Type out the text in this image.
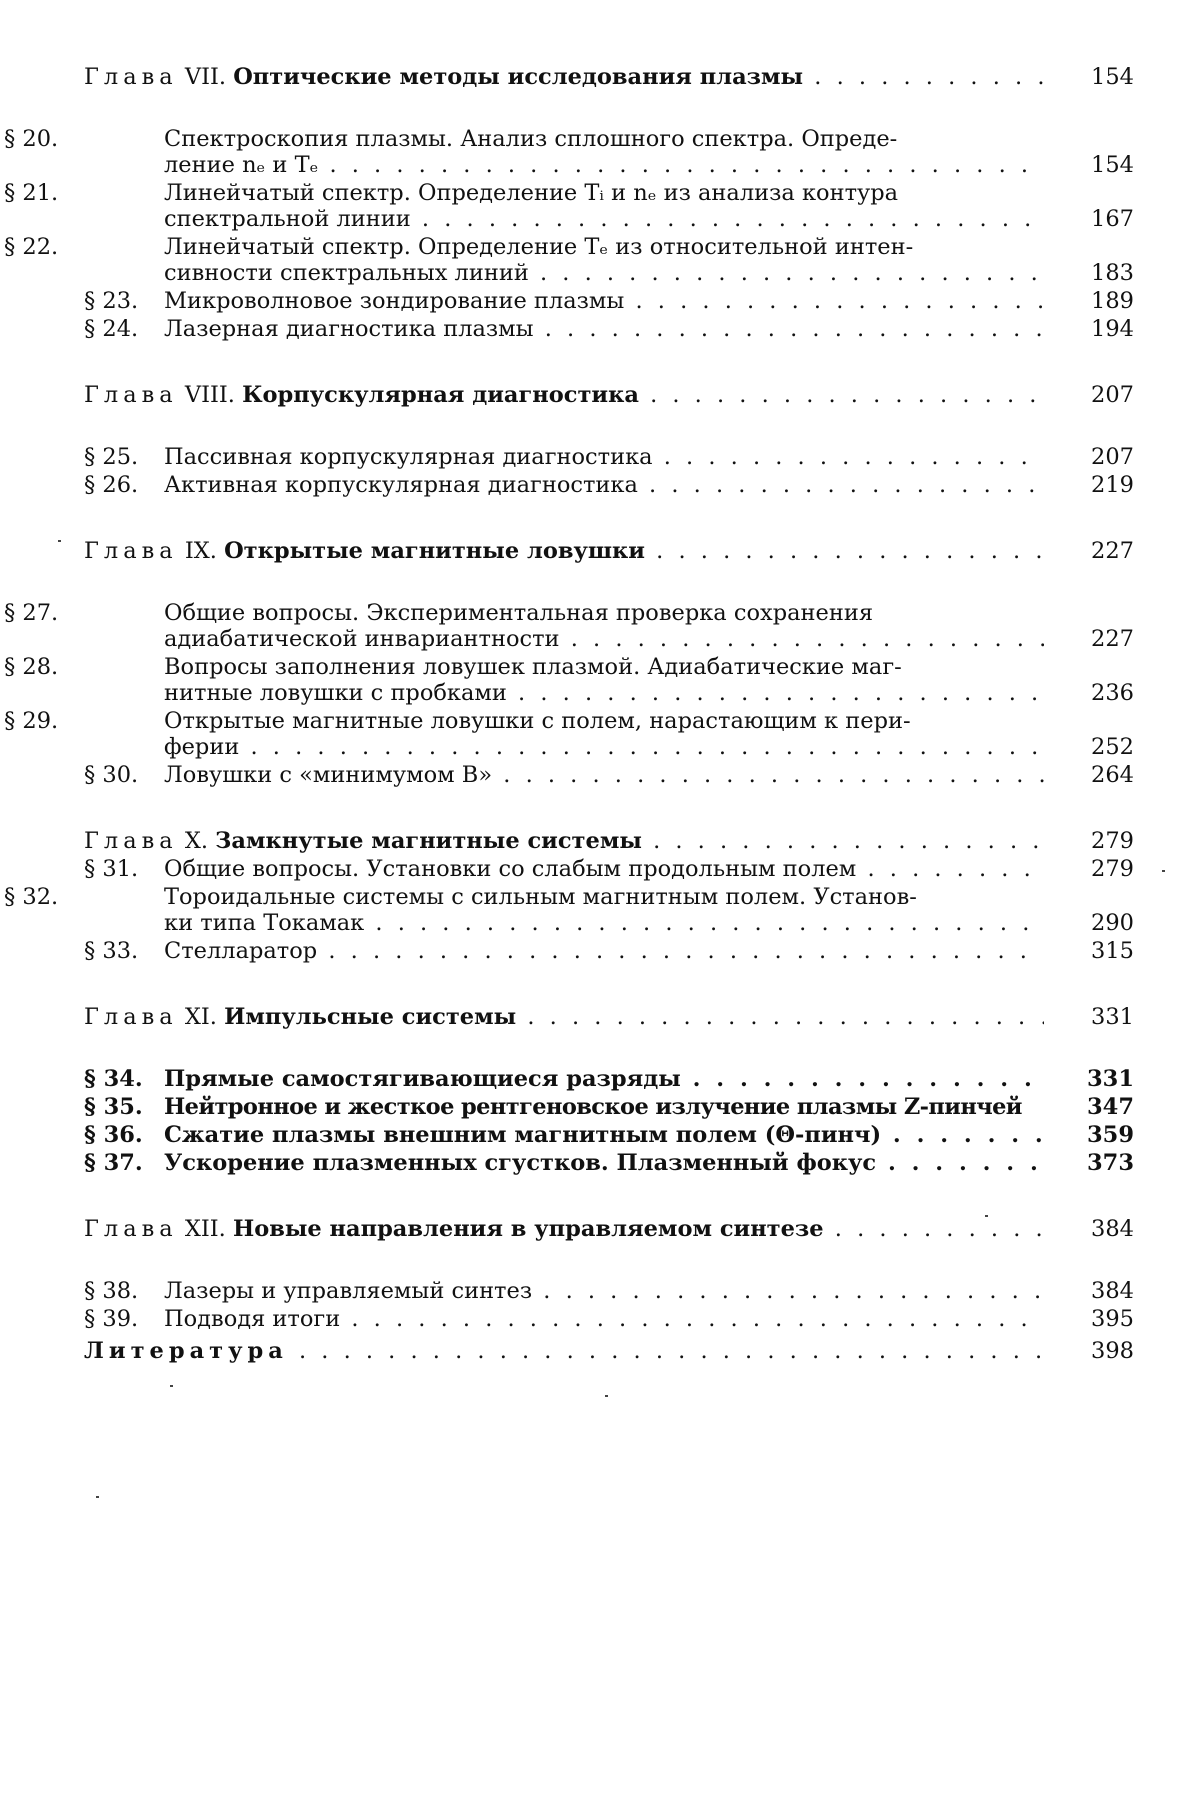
Глава VII. Оптические методы исследования плазмы . . .	154
§ 20.	Спектроскопия плазмы. Анализ сплошного спектра. Опреде-
ление nₑ и Tₑ . . .	154
§ 21.	Линейчатый спектр. Определение Tᵢ и nₑ из анализа контура
спектральной линии . . .	167
§ 22.	Линейчатый спектр. Определение Tₑ из относительной интен-
сивности спектральных линий . . .	183
§ 23. Микроволновое зондирование плазмы . . .	189
§ 24. Лазерная диагностика плазмы . . .	194
Глава VIII. Корпускулярная диагностика . . .	207
§ 25. Пассивная корпускулярная диагностика . . .	207
§ 26. Активная корпускулярная диагностика . . .	219
Глава IX. Открытые магнитные ловушки . . .	227
§ 27.	Общие вопросы. Экспериментальная проверка сохранения
адиабатической инвариантности . . .	227
§ 28.	Вопросы заполнения ловушек плазмой. Адиабатические маг-
нитные ловушки с пробками . . .	236
§ 29.	Открытые магнитные ловушки с полем, нарастающим к пери-
ферии . . .	252
§ 30. Ловушки с «минимумом B» . . .	264
Глава X. Замкнутые магнитные системы . . .	279
§ 31. Общие вопросы. Установки со слабым продольным полем . . .	279
§ 32.	Тороидальные системы с сильным магнитным полем. Установ-
ки типа Токамак . . .	290
§ 33. Стелларатор . . .	315
Глава XI. Импульсные системы . . .	331
§ 34. Прямые самостягивающиеся разряды . . .	331
§ 35. Нейтронное и жесткое рентгеновское излучение плазмы Z-пинчей	347
§ 36. Сжатие плазмы внешним магнитным полем (Θ-пинч) . . .	359
§ 37. Ускорение плазменных сгустков. Плазменный фокус . . .	373
Глава XII. Новые направления в управляемом синтезе . . .	384
§ 38. Лазеры и управляемый синтез . . .	384
§ 39. Подводя итоги . . .	395
Литература . . .	398
